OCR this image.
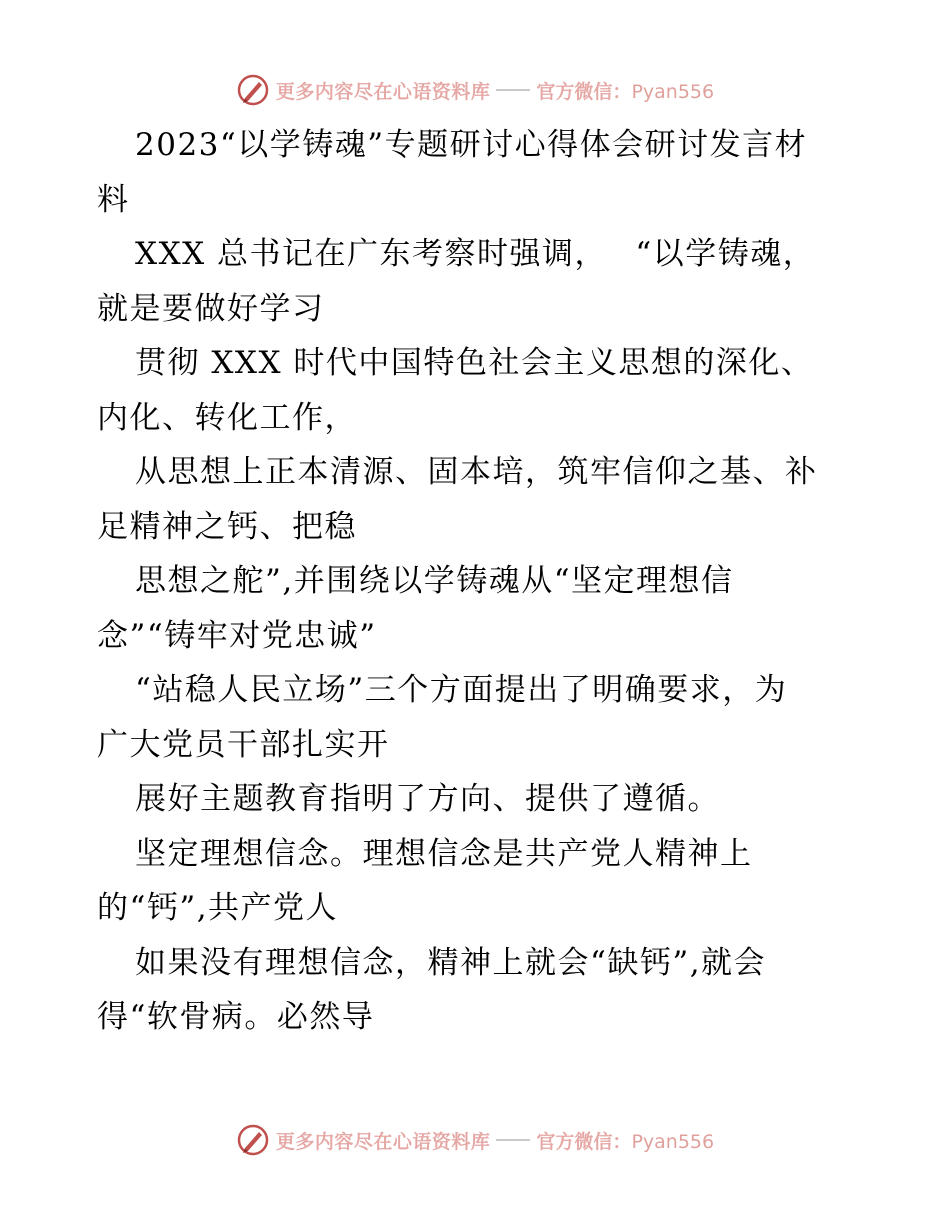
更多内容尽在心语资料库 官方微信：Pyan556
2023“以学铸魂”专题研讨心得体会研讨发言材
料
XXX 总书记在广东考察时强调，　 “以学铸魂，
就是要做好学习
贯彻 XXX 时代中国特色社会主义思想的深化、
内化、转化工作，
从思想上正本清源、固本培，筑牢信仰之基、补
足精神之钙、把稳
思想之舵”,并围绕以学铸魂从“坚定理想信
念”“铸牢对党忠诚”
“站稳人民立场”三个方面提出了明确要求，为
广大党员干部扎实开
展好主题教育指明了方向、提供了遵循。
坚定理想信念。理想信念是共产党人精神上
的“钙”,共产党人
如果没有理想信念，精神上就会“缺钙”,就会
得“软骨病。必然导
更多内容尽在心语资料库 官方微信：Pyan556
